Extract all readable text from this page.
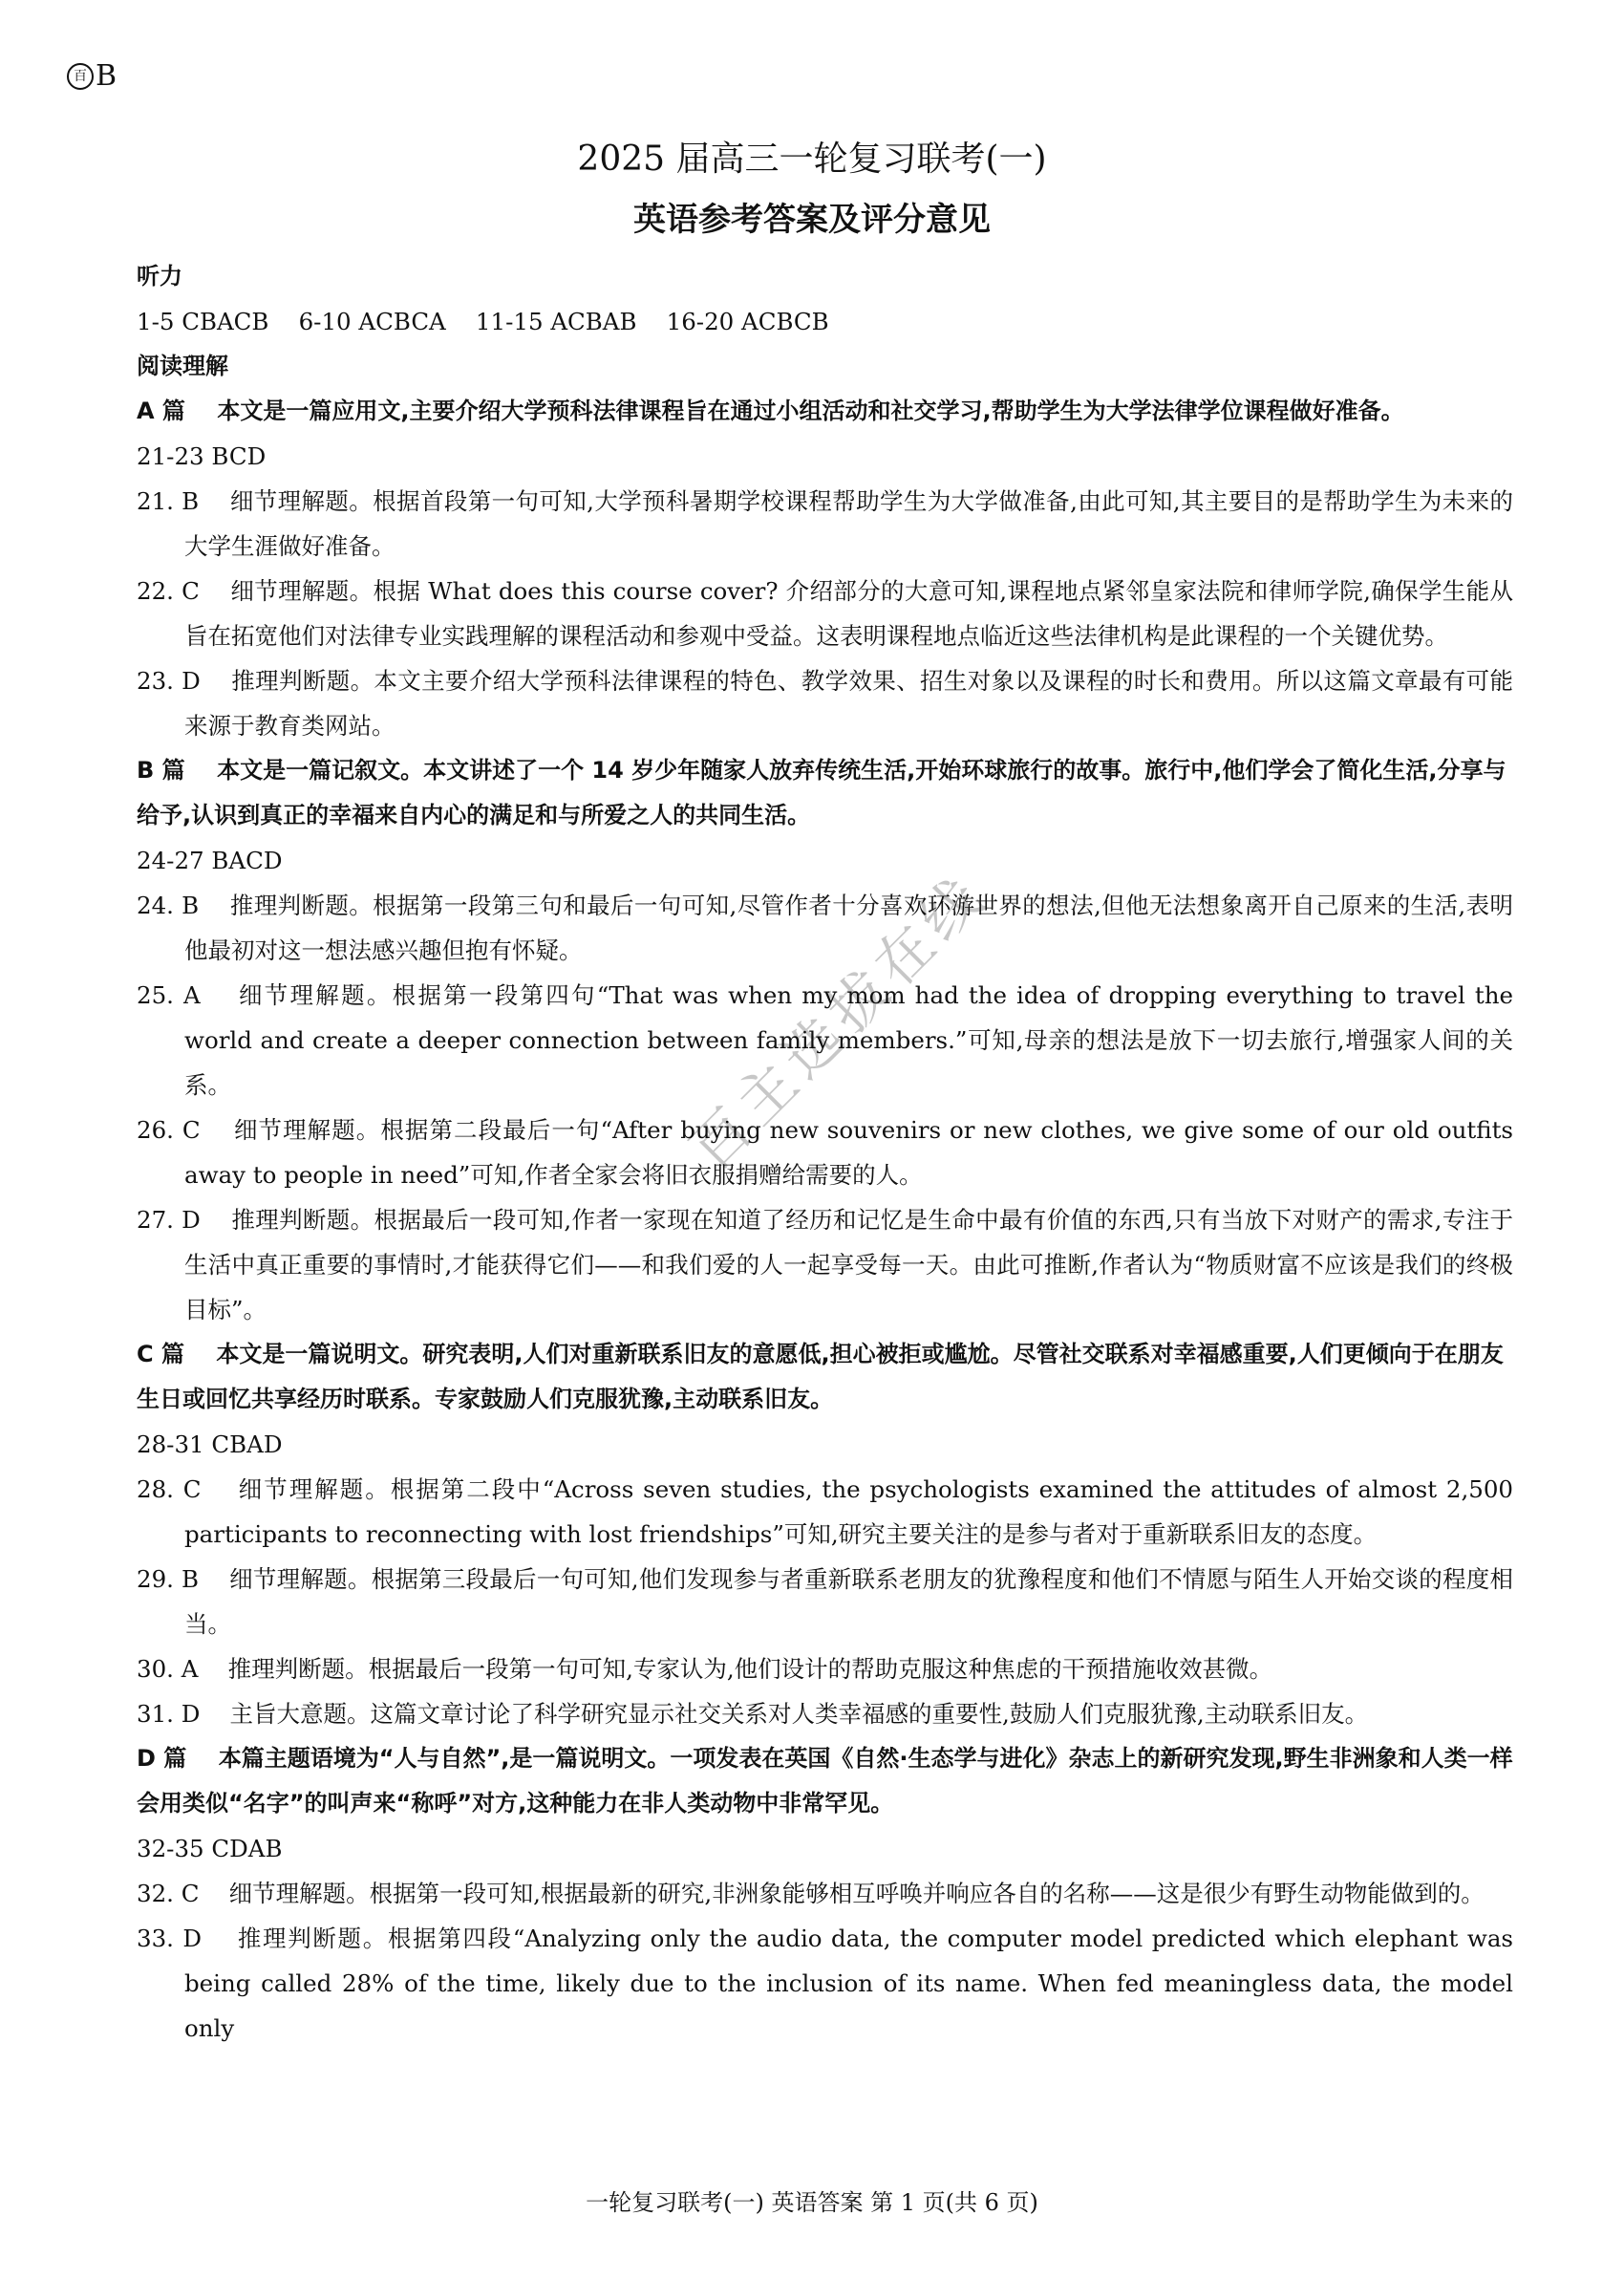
百 B
2025 届高三一轮复习联考(一)
英语参考答案及评分意见
听力
1-5 CBACB    6-10 ACBCA    11-15 ACBAB    16-20 ACBCB
阅读理解
A 篇    本文是一篇应用文,主要介绍大学预科法律课程旨在通过小组活动和社交学习,帮助学生为大学法律学位课程做好准备。
21-23 BCD
21. B    细节理解题。根据首段第一句可知,大学预科暑期学校课程帮助学生为大学做准备,由此可知,其主要目的是帮助学生为未来的大学生涯做好准备。
22. C    细节理解题。根据 What does this course cover? 介绍部分的大意可知,课程地点紧邻皇家法院和律师学院,确保学生能从旨在拓宽他们对法律专业实践理解的课程活动和参观中受益。这表明课程地点临近这些法律机构是此课程的一个关键优势。
23. D    推理判断题。本文主要介绍大学预科法律课程的特色、教学效果、招生对象以及课程的时长和费用。所以这篇文章最有可能来源于教育类网站。
B 篇    本文是一篇记叙文。本文讲述了一个 14 岁少年随家人放弃传统生活,开始环球旅行的故事。旅行中,他们学会了简化生活,分享与给予,认识到真正的幸福来自内心的满足和与所爱之人的共同生活。
24-27 BACD
24. B    推理判断题。根据第一段第三句和最后一句可知,尽管作者十分喜欢环游世界的想法,但他无法想象离开自己原来的生活,表明他最初对这一想法感兴趣但抱有怀疑。
25. A    细节理解题。根据第一段第四句“That was when my mom had the idea of dropping everything to travel the world and create a deeper connection between family members.”可知,母亲的想法是放下一切去旅行,增强家人间的关系。
26. C    细节理解题。根据第二段最后一句“After buying new souvenirs or new clothes, we give some of our old outfits away to people in need”可知,作者全家会将旧衣服捐赠给需要的人。
27. D    推理判断题。根据最后一段可知,作者一家现在知道了经历和记忆是生命中最有价值的东西,只有当放下对财产的需求,专注于生活中真正重要的事情时,才能获得它们——和我们爱的人一起享受每一天。由此可推断,作者认为“物质财富不应该是我们的终极目标”。
C 篇    本文是一篇说明文。研究表明,人们对重新联系旧友的意愿低,担心被拒或尴尬。尽管社交联系对幸福感重要,人们更倾向于在朋友生日或回忆共享经历时联系。专家鼓励人们克服犹豫,主动联系旧友。
28-31 CBAD
28. C    细节理解题。根据第二段中“Across seven studies, the psychologists examined the attitudes of almost 2,500 participants to reconnecting with lost friendships”可知,研究主要关注的是参与者对于重新联系旧友的态度。
29. B    细节理解题。根据第三段最后一句可知,他们发现参与者重新联系老朋友的犹豫程度和他们不情愿与陌生人开始交谈的程度相当。
30. A    推理判断题。根据最后一段第一句可知,专家认为,他们设计的帮助克服这种焦虑的干预措施收效甚微。
31. D    主旨大意题。这篇文章讨论了科学研究显示社交关系对人类幸福感的重要性,鼓励人们克服犹豫,主动联系旧友。
D 篇    本篇主题语境为“人与自然”,是一篇说明文。一项发表在英国《自然·生态学与进化》杂志上的新研究发现,野生非洲象和人类一样会用类似“名字”的叫声来“称呼”对方,这种能力在非人类动物中非常罕见。
32-35 CDAB
32. C    细节理解题。根据第一段可知,根据最新的研究,非洲象能够相互呼唤并响应各自的名称——这是很少有野生动物能做到的。
33. D    推理判断题。根据第四段“Analyzing only the audio data, the computer model predicted which elephant was being called 28% of the time, likely due to the inclusion of its name. When fed meaningless data, the model only
百主选拔在线
一轮复习联考(一) 英语答案 第 1 页(共 6 页)
